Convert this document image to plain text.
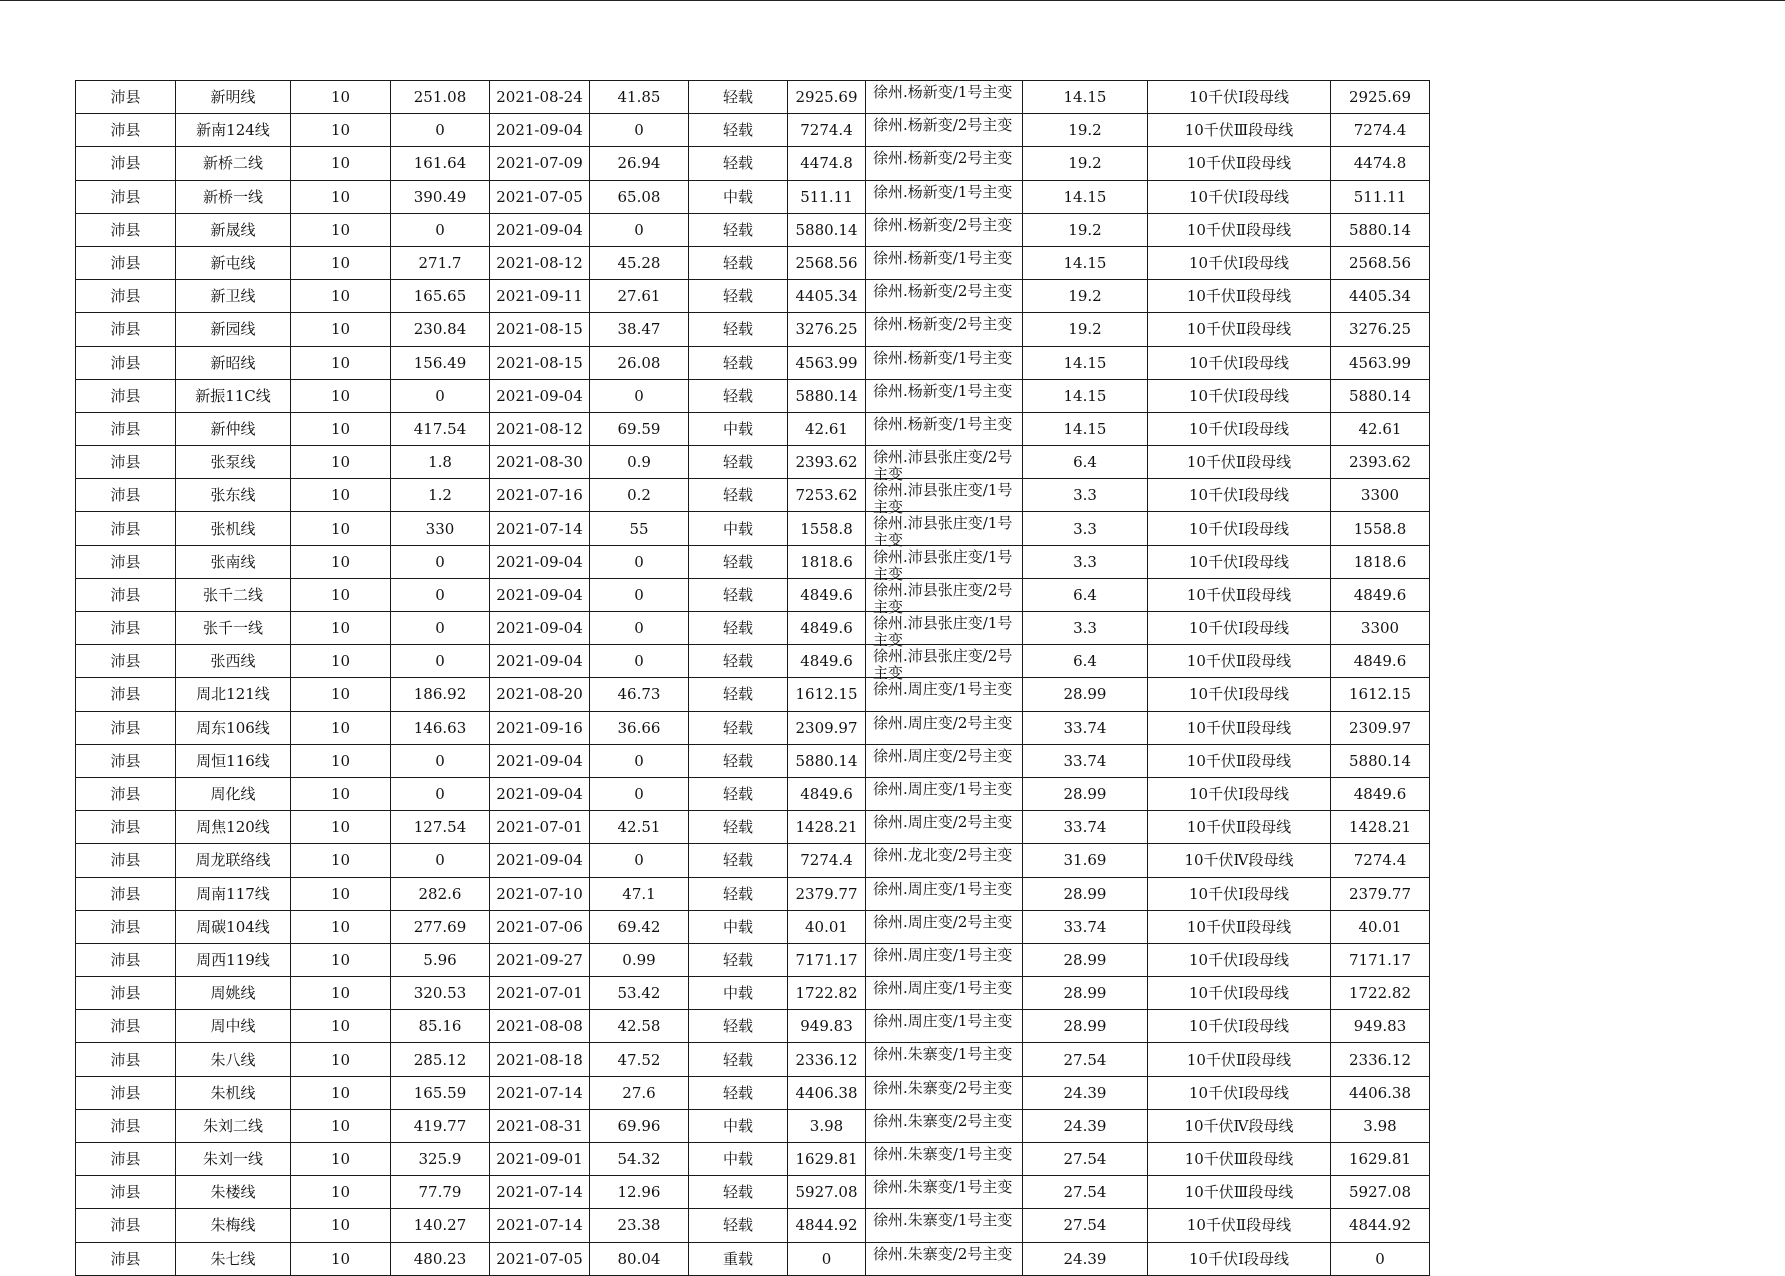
沛县	新明线	10	251.08	2021-08-24	41.85	轻载	2925.69	徐州.杨新变/1号主变	14.15	10千伏Ⅰ段母线	2925.69
沛县	新南124线	10	0	2021-09-04	0	轻载	7274.4	徐州.杨新变/2号主变	19.2	10千伏Ⅲ段母线	7274.4
沛县	新桥二线	10	161.64	2021-07-09	26.94	轻载	4474.8	徐州.杨新变/2号主变	19.2	10千伏Ⅱ段母线	4474.8
沛县	新桥一线	10	390.49	2021-07-05	65.08	中载	511.11	徐州.杨新变/1号主变	14.15	10千伏Ⅰ段母线	511.11
沛县	新晟线	10	0	2021-09-04	0	轻载	5880.14	徐州.杨新变/2号主变	19.2	10千伏Ⅱ段母线	5880.14
沛县	新屯线	10	271.7	2021-08-12	45.28	轻载	2568.56	徐州.杨新变/1号主变	14.15	10千伏Ⅰ段母线	2568.56
沛县	新卫线	10	165.65	2021-09-11	27.61	轻载	4405.34	徐州.杨新变/2号主变	19.2	10千伏Ⅱ段母线	4405.34
沛县	新园线	10	230.84	2021-08-15	38.47	轻载	3276.25	徐州.杨新变/2号主变	19.2	10千伏Ⅱ段母线	3276.25
沛县	新昭线	10	156.49	2021-08-15	26.08	轻载	4563.99	徐州.杨新变/1号主变	14.15	10千伏Ⅰ段母线	4563.99
沛县	新振11C线	10	0	2021-09-04	0	轻载	5880.14	徐州.杨新变/1号主变	14.15	10千伏Ⅰ段母线	5880.14
沛县	新仲线	10	417.54	2021-08-12	69.59	中载	42.61	徐州.杨新变/1号主变	14.15	10千伏Ⅰ段母线	42.61
沛县	张泵线	10	1.8	2021-08-30	0.9	轻载	2393.62	徐州.沛县张庄变/2号主变	6.4	10千伏Ⅱ段母线	2393.62
沛县	张东线	10	1.2	2021-07-16	0.2	轻载	7253.62	徐州.沛县张庄变/1号主变	3.3	10千伏Ⅰ段母线	3300
沛县	张机线	10	330	2021-07-14	55	中载	1558.8	徐州.沛县张庄变/1号主变	3.3	10千伏Ⅰ段母线	1558.8
沛县	张南线	10	0	2021-09-04	0	轻载	1818.6	徐州.沛县张庄变/1号主变	3.3	10千伏Ⅰ段母线	1818.6
沛县	张千二线	10	0	2021-09-04	0	轻载	4849.6	徐州.沛县张庄变/2号主变	6.4	10千伏Ⅱ段母线	4849.6
沛县	张千一线	10	0	2021-09-04	0	轻载	4849.6	徐州.沛县张庄变/1号主变	3.3	10千伏Ⅰ段母线	3300
沛县	张西线	10	0	2021-09-04	0	轻载	4849.6	徐州.沛县张庄变/2号主变	6.4	10千伏Ⅱ段母线	4849.6
沛县	周北121线	10	186.92	2021-08-20	46.73	轻载	1612.15	徐州.周庄变/1号主变	28.99	10千伏Ⅰ段母线	1612.15
沛县	周东106线	10	146.63	2021-09-16	36.66	轻载	2309.97	徐州.周庄变/2号主变	33.74	10千伏Ⅱ段母线	2309.97
沛县	周恒116线	10	0	2021-09-04	0	轻载	5880.14	徐州.周庄变/2号主变	33.74	10千伏Ⅱ段母线	5880.14
沛县	周化线	10	0	2021-09-04	0	轻载	4849.6	徐州.周庄变/1号主变	28.99	10千伏Ⅰ段母线	4849.6
沛县	周焦120线	10	127.54	2021-07-01	42.51	轻载	1428.21	徐州.周庄变/2号主变	33.74	10千伏Ⅱ段母线	1428.21
沛县	周龙联络线	10	0	2021-09-04	0	轻载	7274.4	徐州.龙北变/2号主变	31.69	10千伏Ⅳ段母线	7274.4
沛县	周南117线	10	282.6	2021-07-10	47.1	轻载	2379.77	徐州.周庄变/1号主变	28.99	10千伏Ⅰ段母线	2379.77
沛县	周碳104线	10	277.69	2021-07-06	69.42	中载	40.01	徐州.周庄变/2号主变	33.74	10千伏Ⅱ段母线	40.01
沛县	周西119线	10	5.96	2021-09-27	0.99	轻载	7171.17	徐州.周庄变/1号主变	28.99	10千伏Ⅰ段母线	7171.17
沛县	周姚线	10	320.53	2021-07-01	53.42	中载	1722.82	徐州.周庄变/1号主变	28.99	10千伏Ⅰ段母线	1722.82
沛县	周中线	10	85.16	2021-08-08	42.58	轻载	949.83	徐州.周庄变/1号主变	28.99	10千伏Ⅰ段母线	949.83
沛县	朱八线	10	285.12	2021-08-18	47.52	轻载	2336.12	徐州.朱寨变/1号主变	27.54	10千伏Ⅱ段母线	2336.12
沛县	朱机线	10	165.59	2021-07-14	27.6	轻载	4406.38	徐州.朱寨变/2号主变	24.39	10千伏Ⅰ段母线	4406.38
沛县	朱刘二线	10	419.77	2021-08-31	69.96	中载	3.98	徐州.朱寨变/2号主变	24.39	10千伏Ⅳ段母线	3.98
沛县	朱刘一线	10	325.9	2021-09-01	54.32	中载	1629.81	徐州.朱寨变/1号主变	27.54	10千伏Ⅲ段母线	1629.81
沛县	朱楼线	10	77.79	2021-07-14	12.96	轻载	5927.08	徐州.朱寨变/1号主变	27.54	10千伏Ⅲ段母线	5927.08
沛县	朱梅线	10	140.27	2021-07-14	23.38	轻载	4844.92	徐州.朱寨变/1号主变	27.54	10千伏Ⅱ段母线	4844.92
沛县	朱七线	10	480.23	2021-07-05	80.04	重载	0	徐州.朱寨变/2号主变	24.39	10千伏Ⅰ段母线	0
